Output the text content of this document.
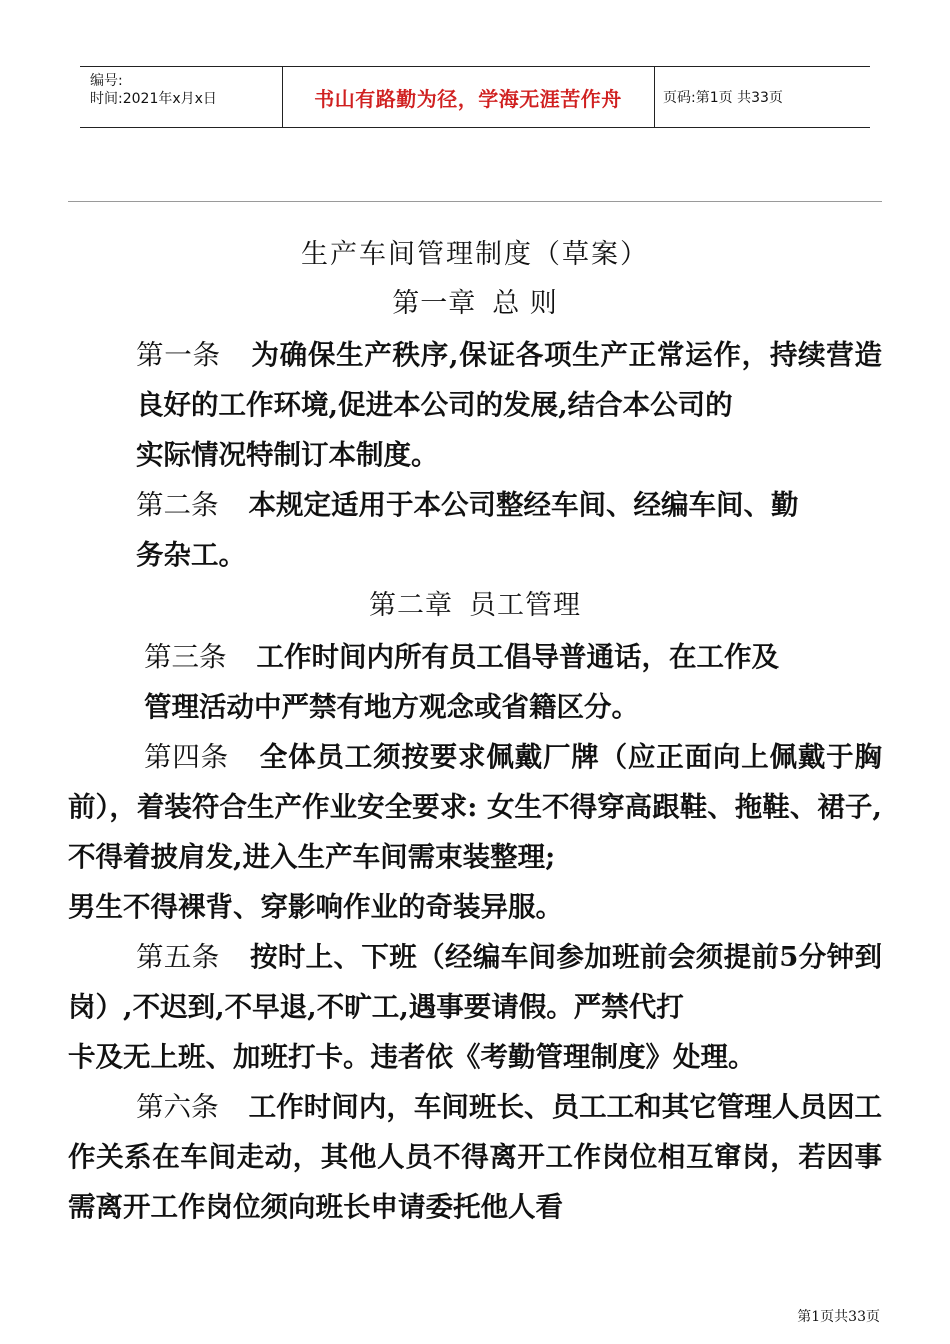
编号:
时间:2021年x月x日	书山有路勤为径，学海无涯苦作舟	页码:第1页 共33页
生产车间管理制度（草案）
第一章 总 则
第一条 为确保生产秩序,保证各项生产正常运作，持续营造良好的工作环境,促进本公司的发展,结合本公司的
实际情况特制订本制度。
第二条 本规定适用于本公司整经车间、经编车间、勤
务杂工。
第二章 员工管理
第三条 工作时间内所有员工倡导普通话，在工作及
管理活动中严禁有地方观念或省籍区分。
第四条 全体员工须按要求佩戴厂牌（应正面向上佩戴于胸前），着装符合生产作业安全要求: 女生不得穿高跟鞋、拖鞋、裙子,不得着披肩发,进入生产车间需束装整理;
男生不得裸背、穿影响作业的奇装异服。
第五条 按时上、下班（经编车间参加班前会须提前5分钟到岗）,不迟到,不早退,不旷工,遇事要请假。严禁代打
卡及无上班、加班打卡。违者依《考勤管理制度》处理。
第六条 工作时间内，车间班长、员工工和其它管理人员因工作关系在车间走动，其他人员不得离开工作岗位相互窜岗，若因事需离开工作岗位须向班长申请委托他人看
第1页共33页
